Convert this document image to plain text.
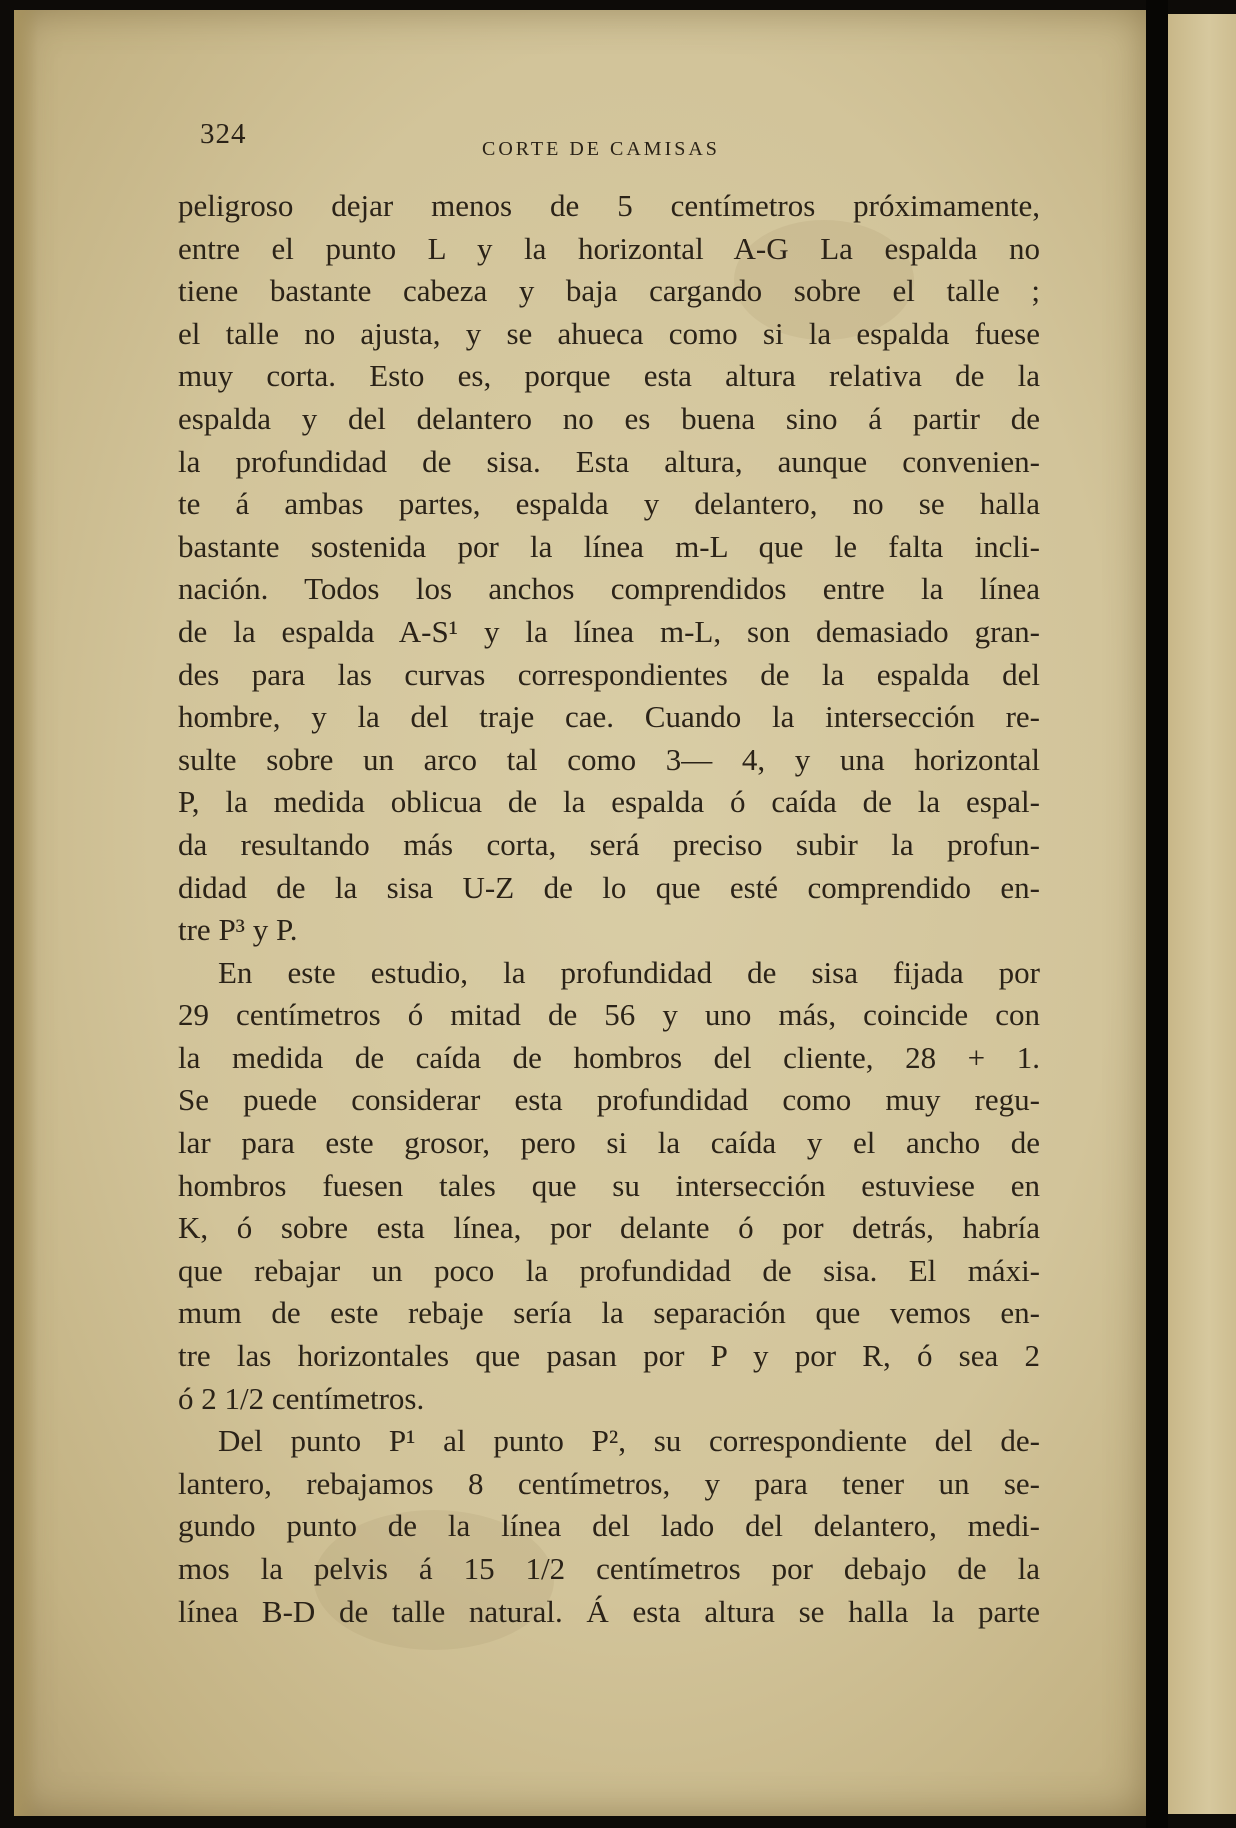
324	CORTE DE CAMISAS
peligroso dejar menos de 5 centímetros próximamente,
entre el punto L y la horizontal A-G La espalda no
tiene bastante cabeza y baja cargando sobre el talle ;
el talle no ajusta, y se ahueca como si la espalda fuese
muy corta. Esto es, porque esta altura relativa de la
espalda y del delantero no es buena sino á partir de
la profundidad de sisa. Esta altura, aunque convenien-
te á ambas partes, espalda y delantero, no se halla
bastante sostenida por la línea m-L que le falta incli-
nación. Todos los anchos comprendidos entre la línea
de la espalda A-S¹ y la línea m-L, son demasiado gran-
des para las curvas correspondientes de la espalda del
hombre, y la del traje cae. Cuando la intersección re-
sulte sobre un arco tal como 3— 4, y una horizontal
P, la medida oblicua de la espalda ó caída de la espal-
da resultando más corta, será preciso subir la profun-
didad de la sisa U-Z de lo que esté comprendido en-
tre P³ y P.
En este estudio, la profundidad de sisa fijada por
29 centímetros ó mitad de 56 y uno más, coincide con
la medida de caída de hombros del cliente, 28 + 1.
Se puede considerar esta profundidad como muy regu-
lar para este grosor, pero si la caída y el ancho de
hombros fuesen tales que su intersección estuviese en
K, ó sobre esta línea, por delante ó por detrás, habría
que rebajar un poco la profundidad de sisa. El máxi-
mum de este rebaje sería la separación que vemos en-
tre las horizontales que pasan por P y por R, ó sea 2
ó 2 1/2 centímetros.
Del punto P¹ al punto P², su correspondiente del de-
lantero, rebajamos 8 centímetros, y para tener un se-
gundo punto de la línea del lado del delantero, medi-
mos la pelvis á 15 1/2 centímetros por debajo de la
línea B-D de talle natural. Á esta altura se halla la parte
